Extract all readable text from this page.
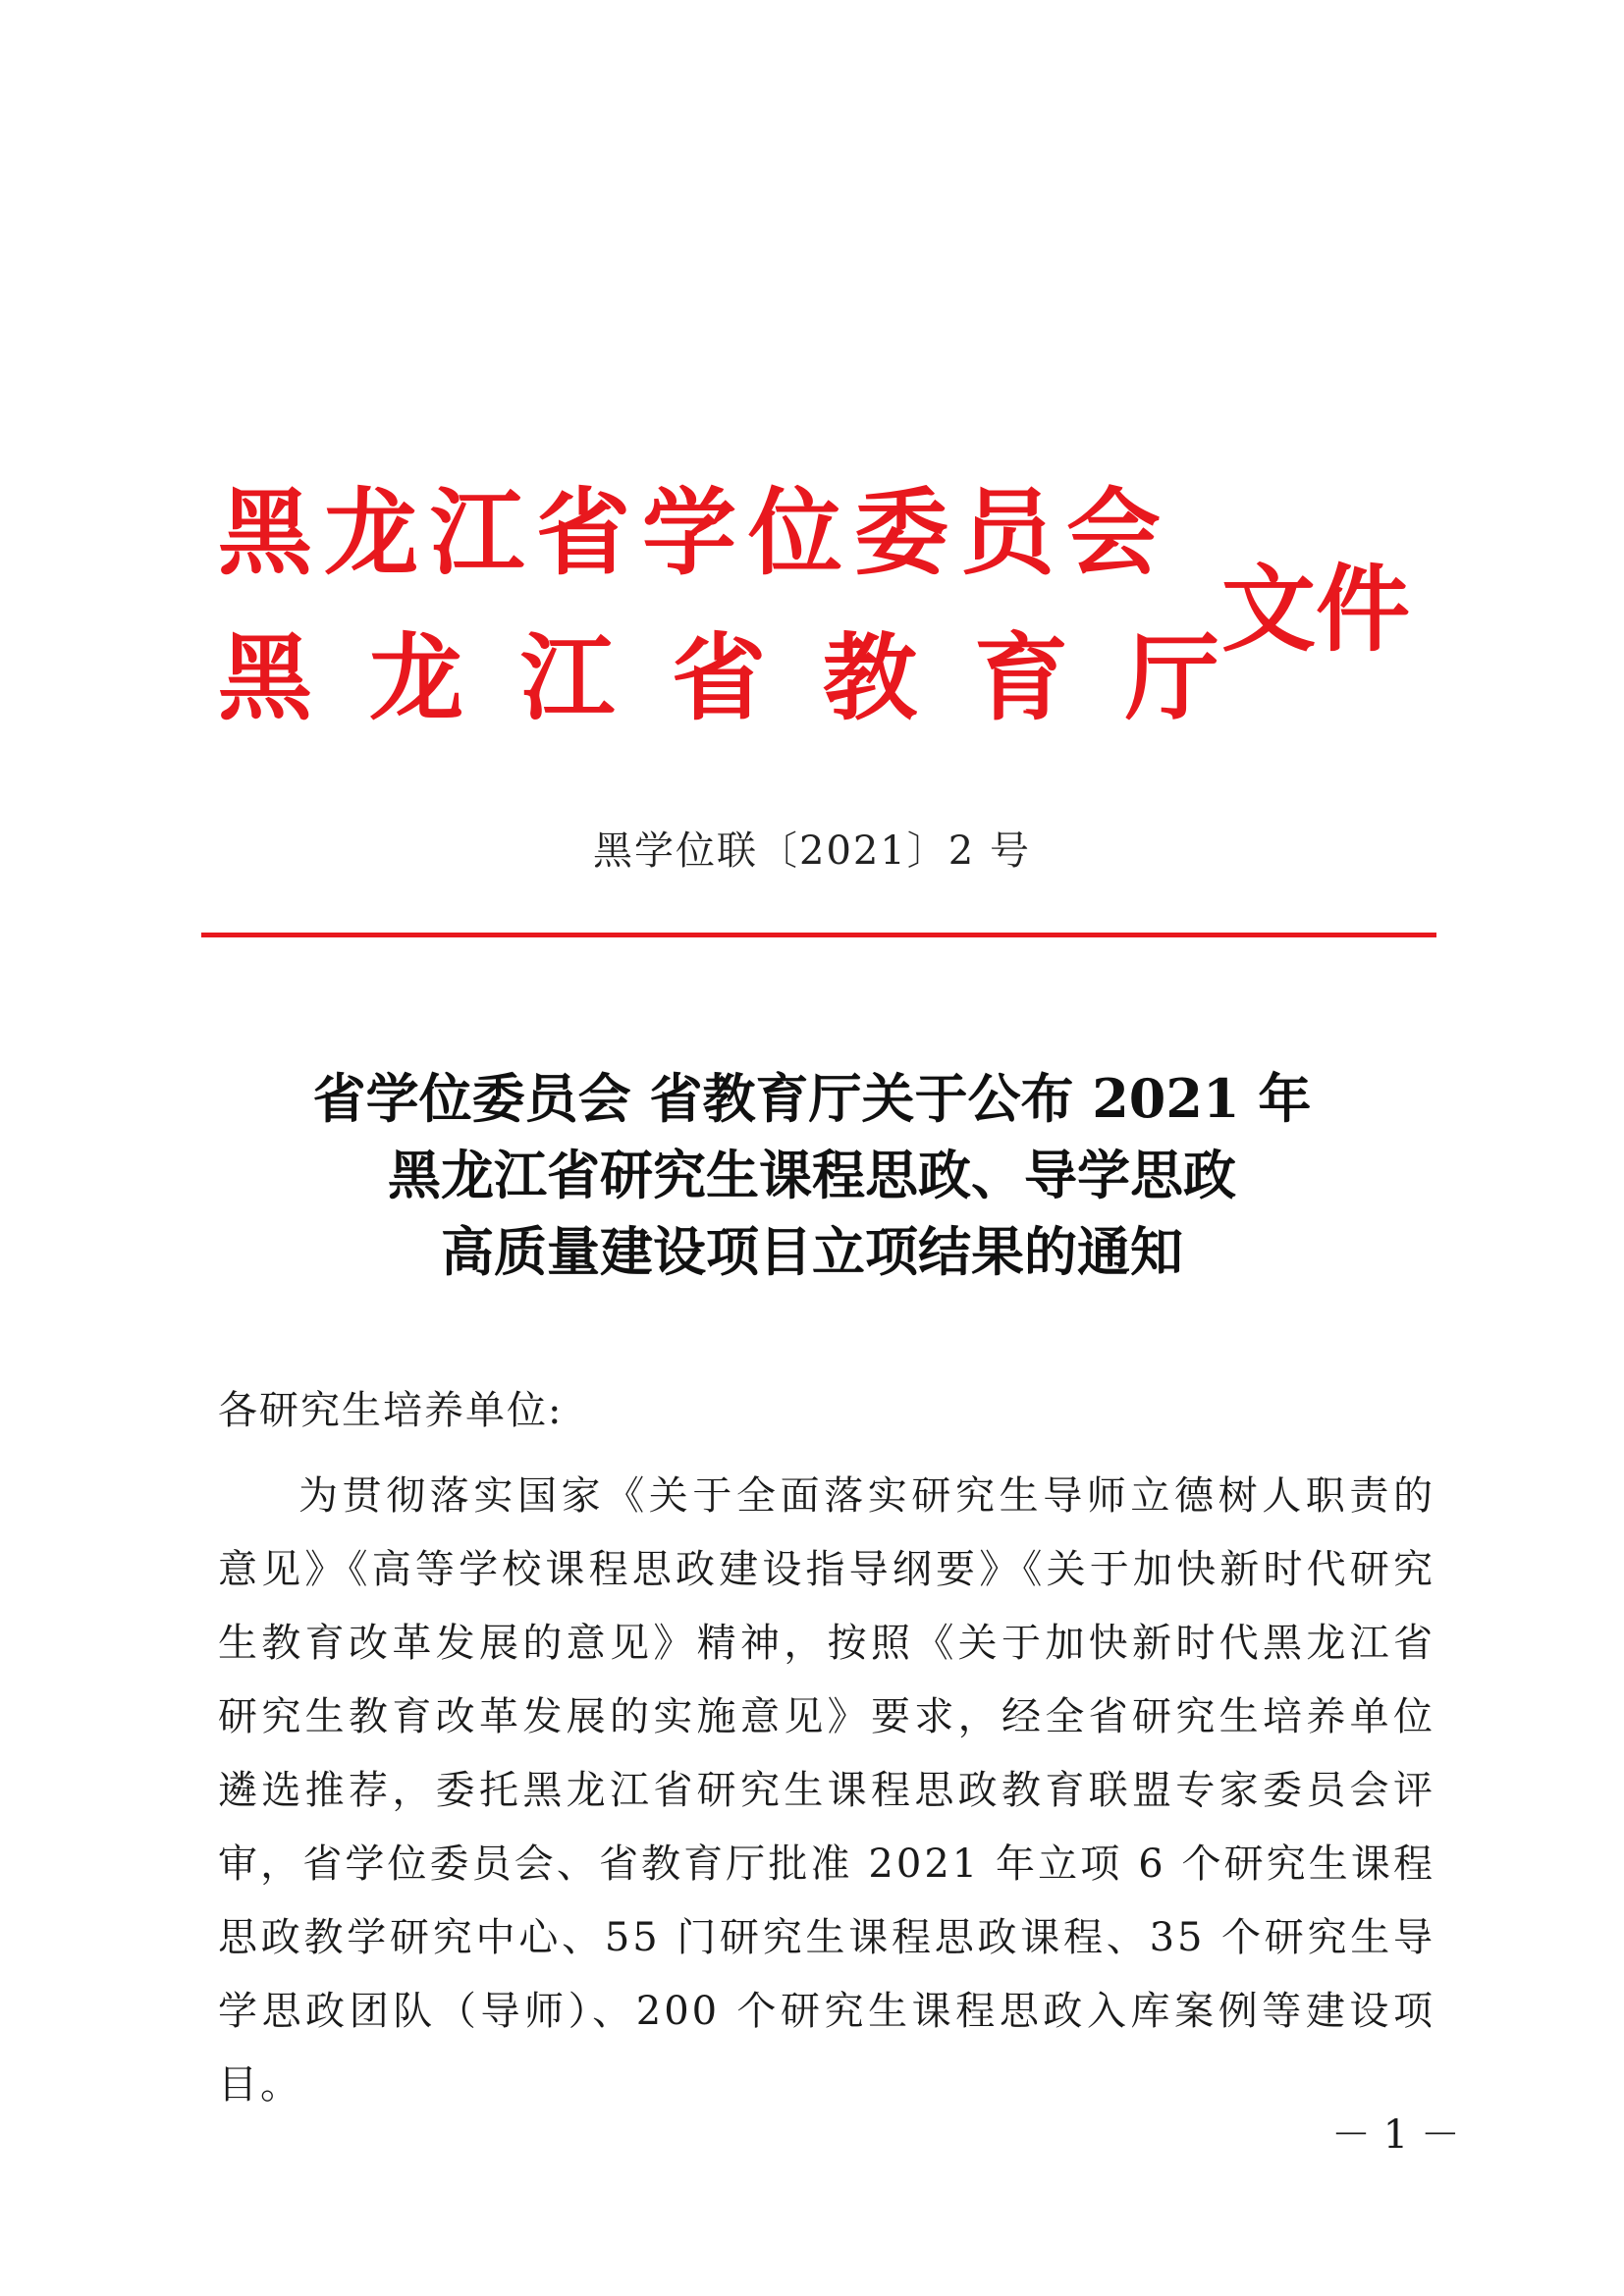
黑龙江省学位委员会
黑龙江省教育厅
文件
黑学位联〔2021〕2 号
省学位委员会 省教育厅关于公布 2021 年
黑龙江省研究生课程思政、导学思政
高质量建设项目立项结果的通知
各研究生培养单位:

为贯彻落实国家《关于全面落实研究生导师立德树人职责的意见》《高等学校课程思政建设指导纲要》《关于加快新时代研究生教育改革发展的意见》精神，按照《关于加快新时代黑龙江省研究生教育改革发展的实施意见》要求，经全省研究生培养单位遴选推荐，委托黑龙江省研究生课程思政教育联盟专家委员会评审，省学位委员会、省教育厅批准 2021 年立项 6 个研究生课程思政教学研究中心、55 门研究生课程思政课程、35 个研究生导学思政团队（导师）、200 个研究生课程思政入库案例等建设项目。

－ 1 －
